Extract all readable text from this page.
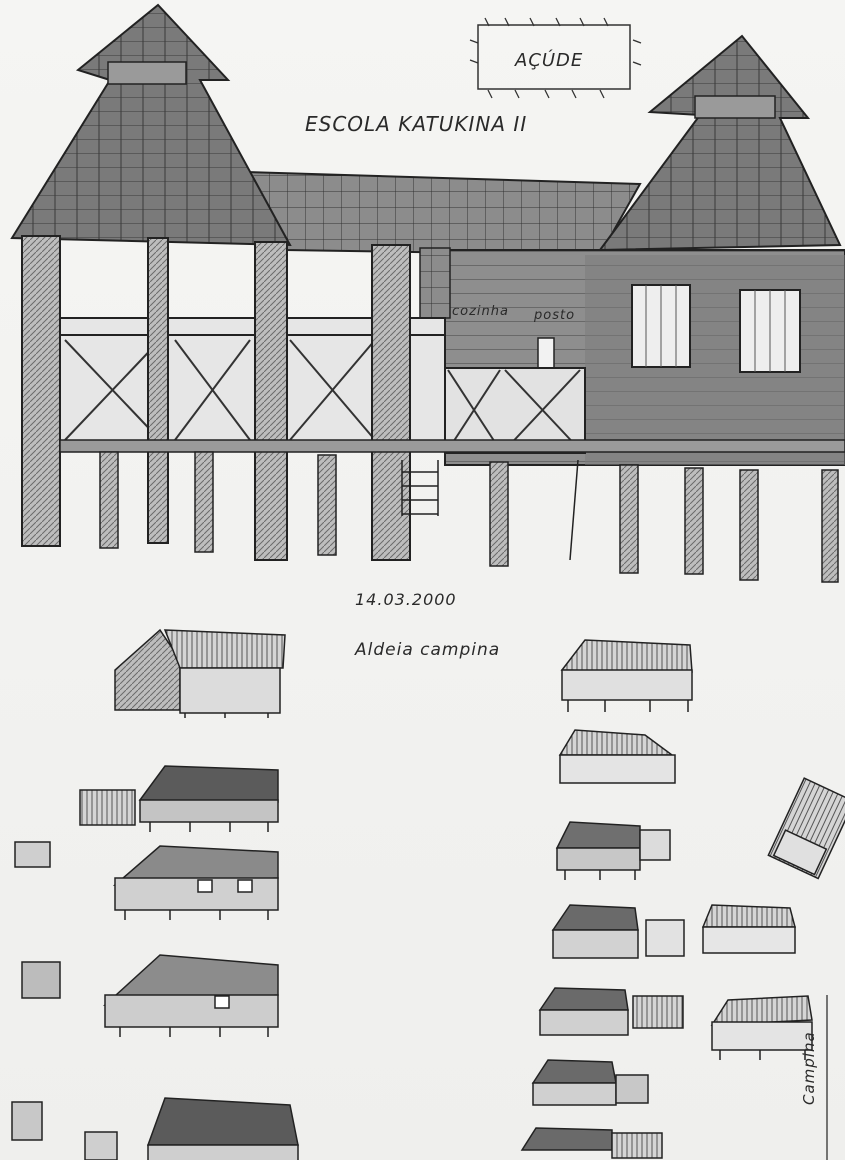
ESCOLA KATUKINA II
AÇÚDE
cozinha posto
14.03.2000
Aldeia campina
Campina
